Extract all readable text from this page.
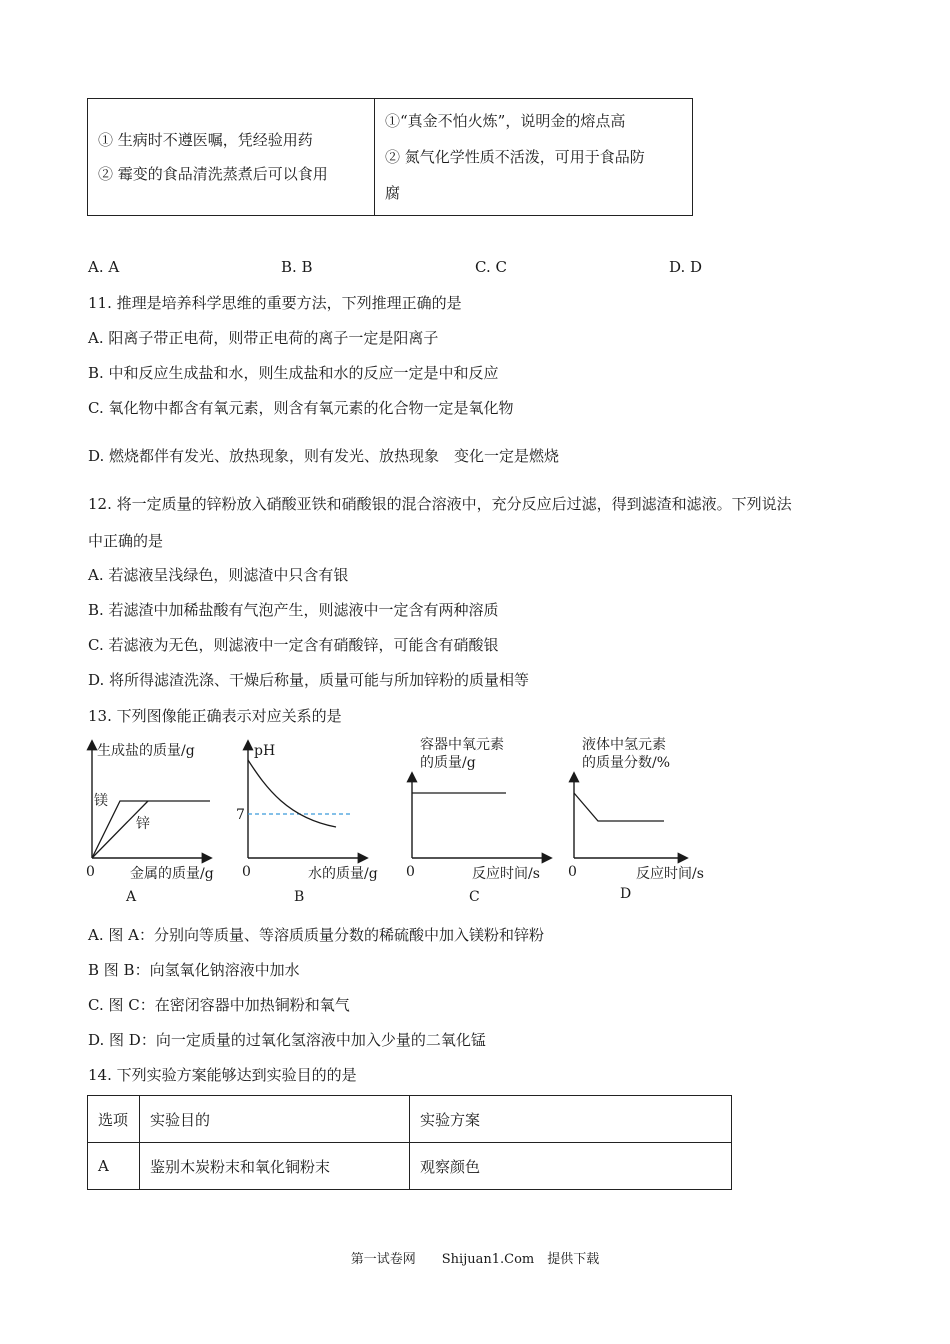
① 生病时不遵医嘱，凭经验用药
② 霉变的食品清洗蒸煮后可以食用
①“真金不怕火炼”，说明金的熔点高
② 氮气化学性质不活泼，可用于食品防
腐
A. A	B. B	C. C	D. D
11. 推理是培养科学思维的重要方法，下列推理正确的是
A. 阳离子带正电荷，则带正电荷的离子一定是阳离子
B. 中和反应生成盐和水，则生成盐和水的反应一定是中和反应
C. 氧化物中都含有氧元素，则含有氧元素的化合物一定是氧化物
D. 燃烧都伴有发光、放热现象，则有发光、放热现象　变化一定是燃烧
12. 将一定质量的锌粉放入硝酸亚铁和硝酸银的混合溶液中，充分反应后过滤，得到滤渣和滤液。下列说法
中正确的是
A. 若滤液呈浅绿色，则滤渣中只含有银
B. 若滤渣中加稀盐酸有气泡产生，则滤液中一定含有两种溶质
C. 若滤液为无色，则滤液中一定含有硝酸锌，可能含有硝酸银
D. 将所得滤渣洗涤、干燥后称量，质量可能与所加锌粉的质量相等
13. 下列图像能正确表示对应关系的是
生成盐的质量/g
镁
锌
0	金属的质量/g
A
pH
7
0	水的质量/g
B
容器中氧元素
的质量/g
0	反应时间/s
C
液体中氢元素
的质量分数/%
0	反应时间/s
D
A. 图 A：分别向等质量、等溶质质量分数的稀硫酸中加入镁粉和锌粉
B 图 B：向氢氧化钠溶液中加水
C. 图 C：在密闭容器中加热铜粉和氧气
D. 图 D：向一定质量的过氧化氢溶液中加入少量的二氧化锰
14. 下列实验方案能够达到实验目的的是
选项	实验目的	实验方案
A	鉴别木炭粉末和氧化铜粉末	观察颜色
第一试卷网　　Shijuan1.Com　提供下载
